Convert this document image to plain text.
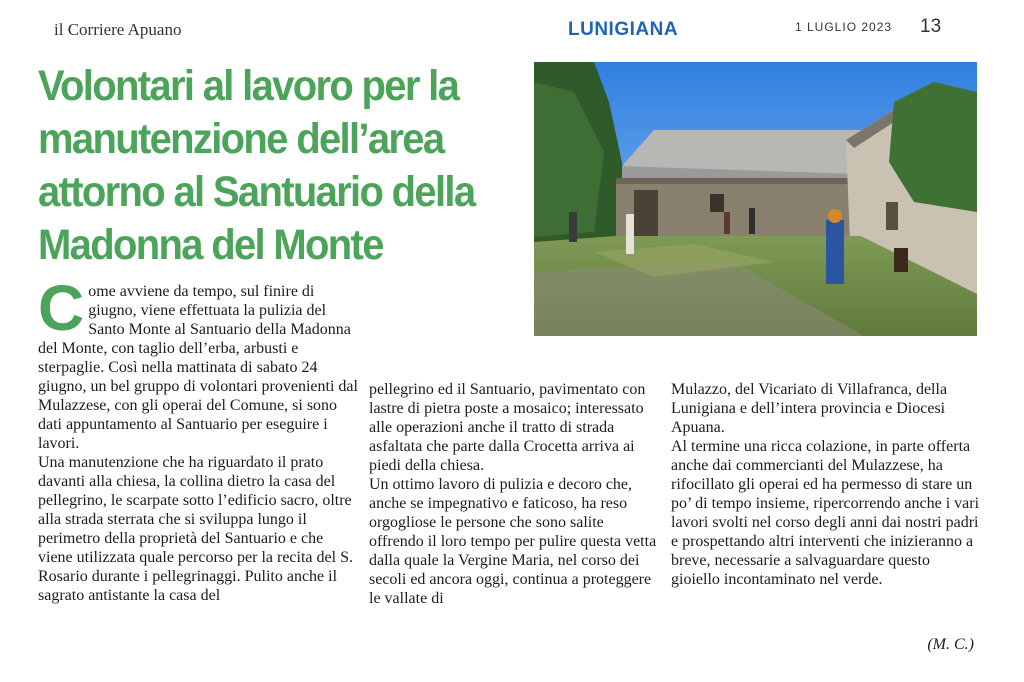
il Corriere Apuano	LUNIGIANA	1 LUGLIO 2023 13
Volontari al lavoro per la manutenzione dell’area attorno al Santuario della Madonna del Monte

Come avviene da tempo, sul finire di giugno, viene effettuata la pulizia del Santo Monte al Santuario della Madonna del Monte, con taglio dell’erba, arbusti e sterpaglie. Così nella mattinata di sabato 24 giugno, un bel gruppo di volontari provenienti dal Mulazzese, con gli operai del Comune, si sono dati appuntamento al Santuario per eseguire i lavori.

Una manutenzione che ha riguardato il prato davanti alla chiesa, la collina dietro la casa del pellegrino, le scarpate sotto l’edificio sacro, oltre alla strada sterrata che si sviluppa lungo il perimetro della proprietà del Santuario e che viene utilizzata quale percorso per la recita del S. Rosario durante i pellegrinaggi. Pulito anche il sagrato antistante la casa del

pellegrino ed il Santuario, pavimentato con lastre di pietra poste a mosaico; interessato alle operazioni anche il tratto di strada asfaltata che parte dalla Crocetta arriva ai piedi della chiesa.

Un ottimo lavoro di pulizia e decoro che, anche se impegnativo e faticoso, ha reso orgogliose le persone che sono salite offrendo il loro tempo per pulire questa vetta dalla quale la Vergine Maria, nel corso dei secoli ed ancora oggi, continua a proteggere le vallate di

Mulazzo, del Vicariato di Villafranca, della Lunigiana e dell’intera provincia e Diocesi Apuana.

Al termine una ricca colazione, in parte offerta anche dai commercianti del Mulazzese, ha rifocillato gli operai ed ha permesso di stare un po’ di tempo insieme, ripercorrendo anche i vari lavori svolti nel corso degli anni dai nostri padri e prospettando altri interventi che inizieranno a breve, necessarie a salvaguardare questo gioiello incontaminato nel verde.

(M. C.)
